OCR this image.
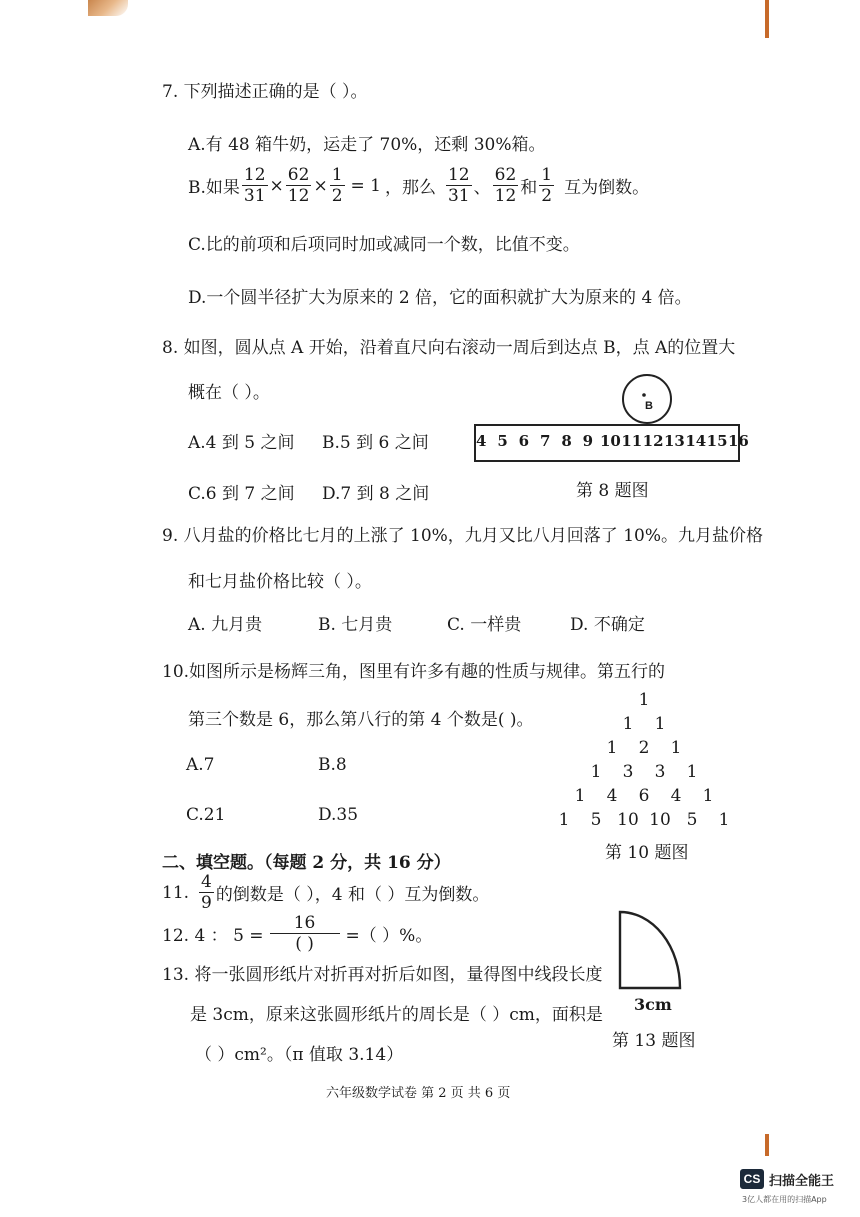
7. 下列描述正确的是（ ）。
A.有 48 箱牛奶，运走了 70%，还剩 30%箱。
B.如果 $\frac{12}{31} \times \frac{62}{12} \times \frac{1}{2} = 1$ ，那么 $\frac{12}{31}$ 、 $\frac{62}{12}$ 和 $\frac{1}{2}$ 互为倒数。
C.比的前项和后项同时加或减同一个数，比值不变。
D.一个圆半径扩大为原来的 2 倍，它的面积就扩大为原来的 4 倍。
8. 如图，圆从点 A 开始，沿着直尺向右滚动一周后到达点 B，点 A的位置大
概在（ ）。
A.4 到 5 之间 B.5 到 6 之间
C.6 到 7 之间 D.7 到 8 之间
4 5 6 7 8 9 10 11 12 13 14 15 16
B
第 8 题图
9. 八月盐的价格比七月的上涨了 10%，九月又比八月回落了 10%。九月盐价格
和七月盐价格比较（ ）。
A. 九月贵	B. 七月贵	C. 一样贵	D. 不确定
10.如图所示是杨辉三角，图里有许多有趣的性质与规律。第五行的
第三个数是 6，那么第八行的第 4 个数是( )。
A.7	B.8
C.21	D.35
1
1	1
1	2	1
1	3	3	1
1	4	6	4	1
1	5 10 10 5	1
第 10 题图
二、填空题。（每题 2 分，共 16 分）
11. $\frac{4}{9}$ 的倒数是（ ），4 和（ ）互为倒数。
12. 4 ： $5 = \frac{16}{( )}$ =（ ）%。
13. 将一张圆形纸片对折再对折后如图，量得图中线段长度
是 3cm，原来这张圆形纸片的周长是（ ）cm，面积是
（ ）cm²。（π 值取 3.14）
3cm
第 13 题图
六年级数学试卷 第 2 页 共 6 页
CS 扫描全能王
3亿人都在用的扫描App
